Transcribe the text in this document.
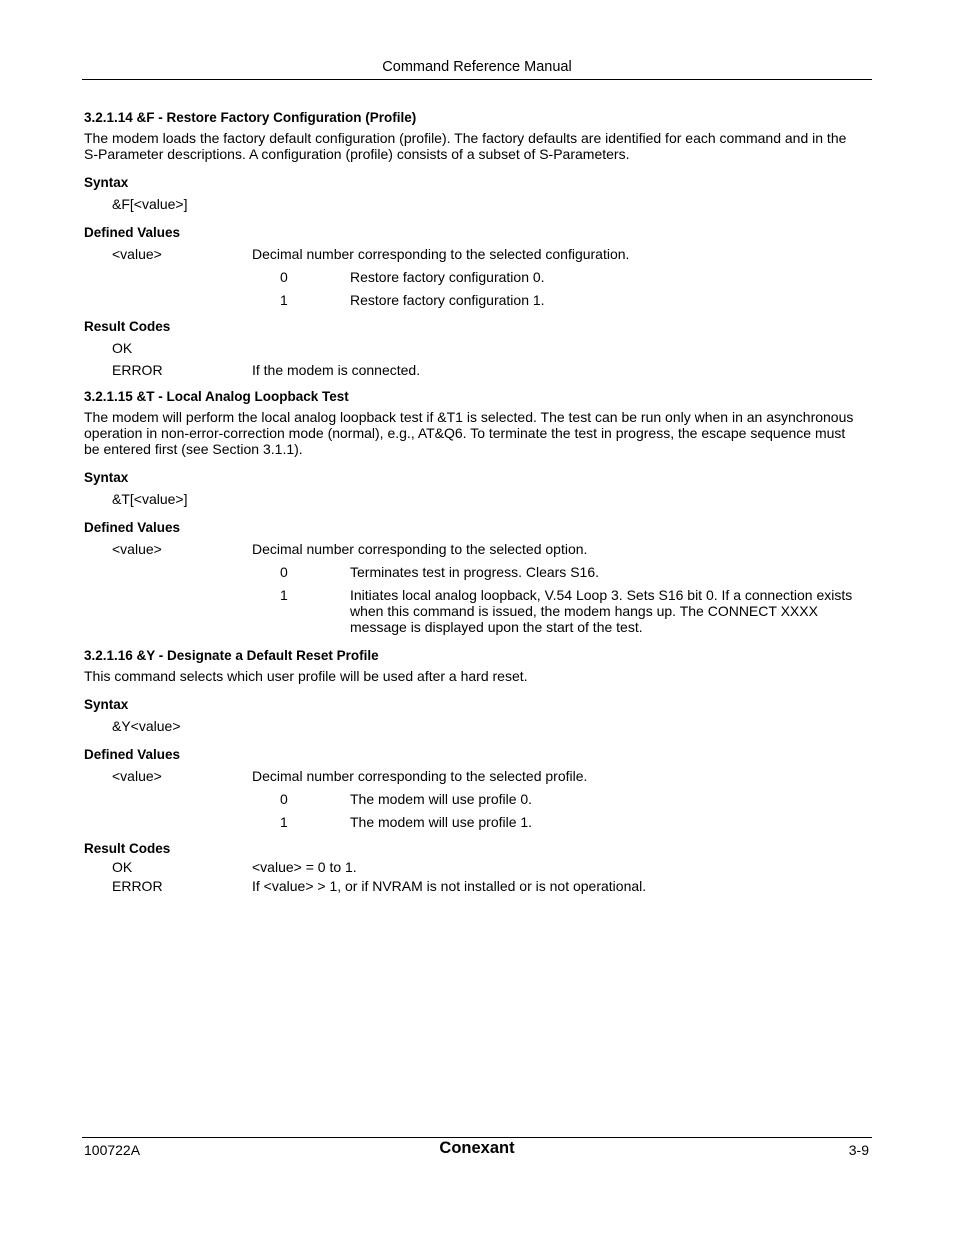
Command Reference Manual

3.2.1.14 &F - Restore Factory Configuration (Profile)

The modem loads the factory default configuration (profile). The factory defaults are identified for each command and in the S-Parameter descriptions. A configuration (profile) consists of a subset of S-Parameters.

Syntax

&F[<value>]

Defined Values

<value>	Decimal number corresponding to the selected configuration.
0	Restore factory configuration 0.
1	Restore factory configuration 1.

Result Codes

OK
ERROR	If the modem is connected.

3.2.1.15 &T - Local Analog Loopback Test

The modem will perform the local analog loopback test if &T1 is selected. The test can be run only when in an asynchronous operation in non-error-correction mode (normal), e.g., AT&Q6. To terminate the test in progress, the escape sequence must be entered first (see Section 3.1.1).

Syntax

&T[<value>]

Defined Values

<value>	Decimal number corresponding to the selected option.
0	Terminates test in progress. Clears S16.
1	Initiates local analog loopback, V.54 Loop 3. Sets S16 bit 0. If a connection exists when this command is issued, the modem hangs up. The CONNECT XXXX message is displayed upon the start of the test.

3.2.1.16 &Y - Designate a Default Reset Profile

This command selects which user profile will be used after a hard reset.

Syntax

&Y<value>

Defined Values

<value>	Decimal number corresponding to the selected profile.
0	The modem will use profile 0.
1	The modem will use profile 1.

Result Codes

OK	<value> = 0 to 1.
ERROR	If <value> > 1, or if NVRAM is not installed or is not operational.
100722A	Conexant	3-9
